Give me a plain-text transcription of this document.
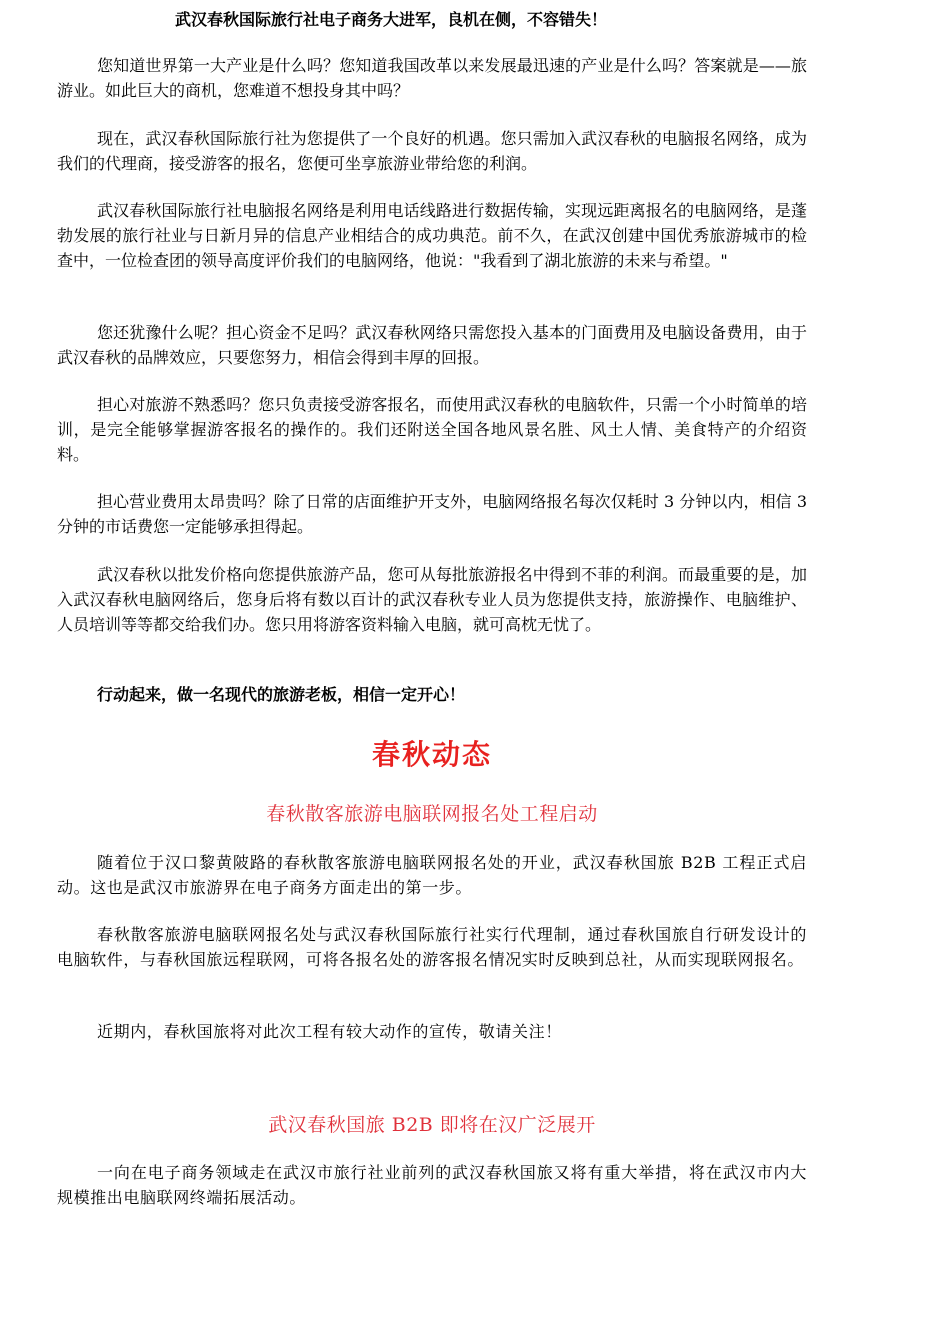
武汉春秋国际旅行社电子商务大进军，良机在侧，不容错失！

您知道世界第一大产业是什么吗？您知道我国改革以来发展最迅速的产业是什么吗？答案就是——旅游业。如此巨大的商机，您难道不想投身其中吗？

现在，武汉春秋国际旅行社为您提供了一个良好的机遇。您只需加入武汉春秋的电脑报名网络，成为我们的代理商，接受游客的报名，您便可坐享旅游业带给您的利润。

武汉春秋国际旅行社电脑报名网络是利用电话线路进行数据传输，实现远距离报名的电脑网络，是蓬勃发展的旅行社业与日新月异的信息产业相结合的成功典范。前不久，在武汉创建中国优秀旅游城市的检查中，一位检查团的领导高度评价我们的电脑网络，他说："我看到了湖北旅游的未来与希望。"

您还犹豫什么呢？担心资金不足吗？武汉春秋网络只需您投入基本的门面费用及电脑设备费用，由于武汉春秋的品牌效应，只要您努力，相信会得到丰厚的回报。

担心对旅游不熟悉吗？您只负责接受游客报名，而使用武汉春秋的电脑软件，只需一个小时简单的培训，是完全能够掌握游客报名的操作的。我们还附送全国各地风景名胜、风土人情、美食特产的介绍资料。

担心营业费用太昂贵吗？除了日常的店面维护开支外，电脑网络报名每次仅耗时 3 分钟以内，相信 3 分钟的市话费您一定能够承担得起。

武汉春秋以批发价格向您提供旅游产品，您可从每批旅游报名中得到不菲的利润。而最重要的是，加入武汉春秋电脑网络后，您身后将有数以百计的武汉春秋专业人员为您提供支持，旅游操作、电脑维护、人员培训等等都交给我们办。您只用将游客资料输入电脑，就可高枕无忧了。

行动起来，做一名现代的旅游老板，相信一定开心！

春秋动态
春秋散客旅游电脑联网报名处工程启动

随着位于汉口黎黄陂路的春秋散客旅游电脑联网报名处的开业，武汉春秋国旅 B2B 工程正式启动。这也是武汉市旅游界在电子商务方面走出的第一步。

春秋散客旅游电脑联网报名处与武汉春秋国际旅行社实行代理制，通过春秋国旅自行研发设计的电脑软件，与春秋国旅远程联网，可将各报名处的游客报名情况实时反映到总社，从而实现联网报名。

近期内，春秋国旅将对此次工程有较大动作的宣传，敬请关注！

武汉春秋国旅 B2B 即将在汉广泛展开

一向在电子商务领域走在武汉市旅行社业前列的武汉春秋国旅又将有重大举措，将在武汉市内大规模推出电脑联网终端拓展活动。
